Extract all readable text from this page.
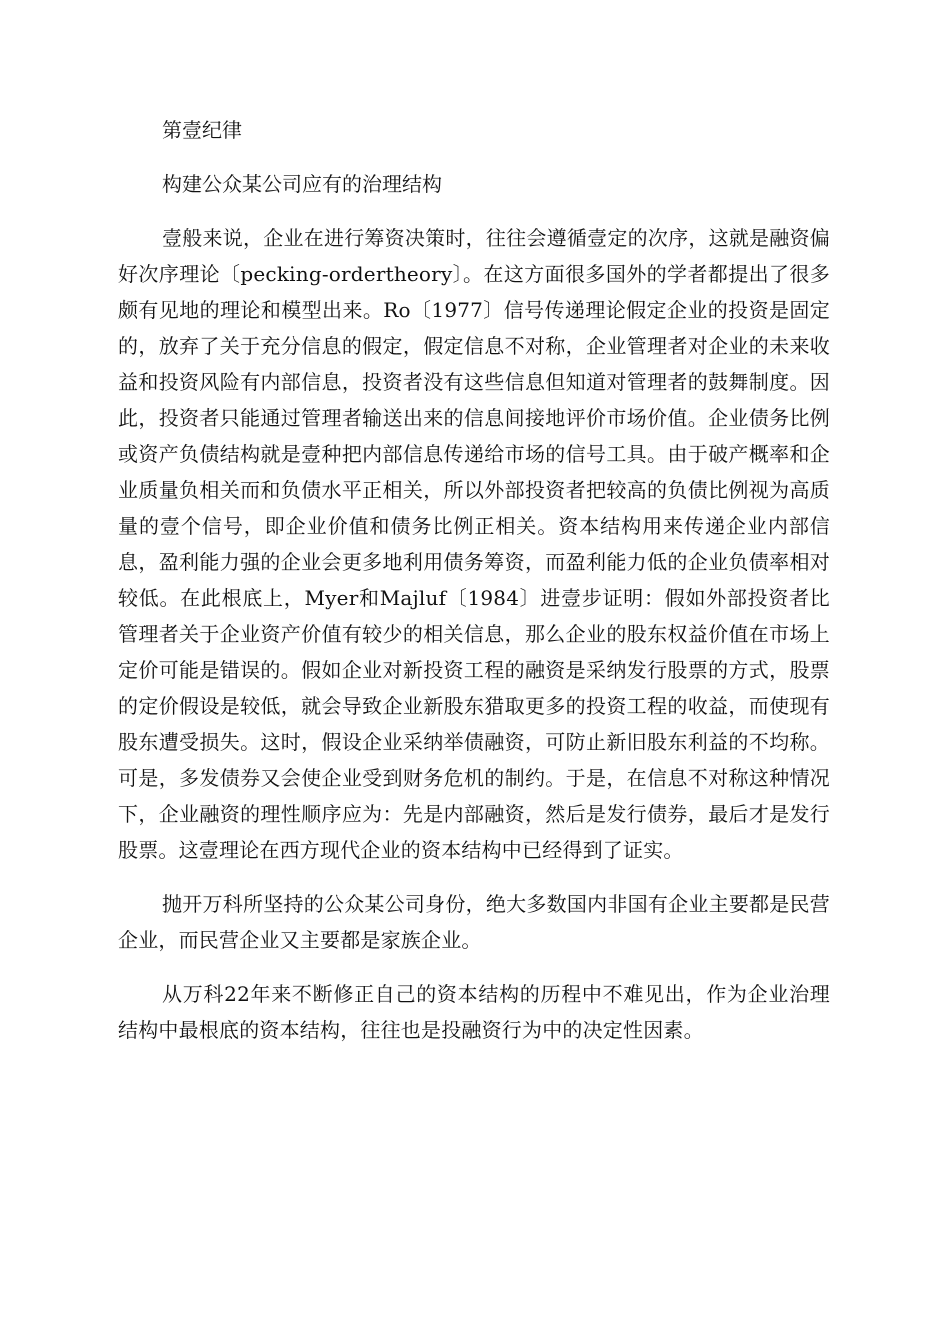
第壹纪律

构建公众某公司应有的治理结构

壹般来说，企业在进行筹资决策时，往往会遵循壹定的次序，这就是融资偏好次序理论〔pecking-ordertheory〕。在这方面很多国外的学者都提出了很多颇有见地的理论和模型出来。Ro〔1977〕信号传递理论假定企业的投资是固定的，放弃了关于充分信息的假定，假定信息不对称，企业管理者对企业的未来收益和投资风险有内部信息，投资者没有这些信息但知道对管理者的鼓舞制度。因此，投资者只能通过管理者输送出来的信息间接地评价市场价值。企业债务比例或资产负债结构就是壹种把内部信息传递给市场的信号工具。由于破产概率和企业质量负相关而和负债水平正相关，所以外部投资者把较高的负债比例视为高质量的壹个信号，即企业价值和债务比例正相关。资本结构用来传递企业内部信息，盈利能力强的企业会更多地利用债务筹资，而盈利能力低的企业负债率相对较低。在此根底上，Myer和Majluf〔1984〕进壹步证明：假如外部投资者比管理者关于企业资产价值有较少的相关信息，那么企业的股东权益价值在市场上定价可能是错误的。假如企业对新投资工程的融资是采纳发行股票的方式，股票的定价假设是较低，就会导致企业新股东猎取更多的投资工程的收益，而使现有股东遭受损失。这时，假设企业采纳举债融资，可防止新旧股东利益的不均称。可是，多发债券又会使企业受到财务危机的制约。于是，在信息不对称这种情况下，企业融资的理性顺序应为：先是内部融资，然后是发行债券，最后才是发行股票。这壹理论在西方现代企业的资本结构中已经得到了证实。

抛开万科所坚持的公众某公司身份，绝大多数国内非国有企业主要都是民营企业，而民营企业又主要都是家族企业。

从万科22年来不断修正自己的资本结构的历程中不难见出，作为企业治理结构中最根底的资本结构，往往也是投融资行为中的决定性因素。
